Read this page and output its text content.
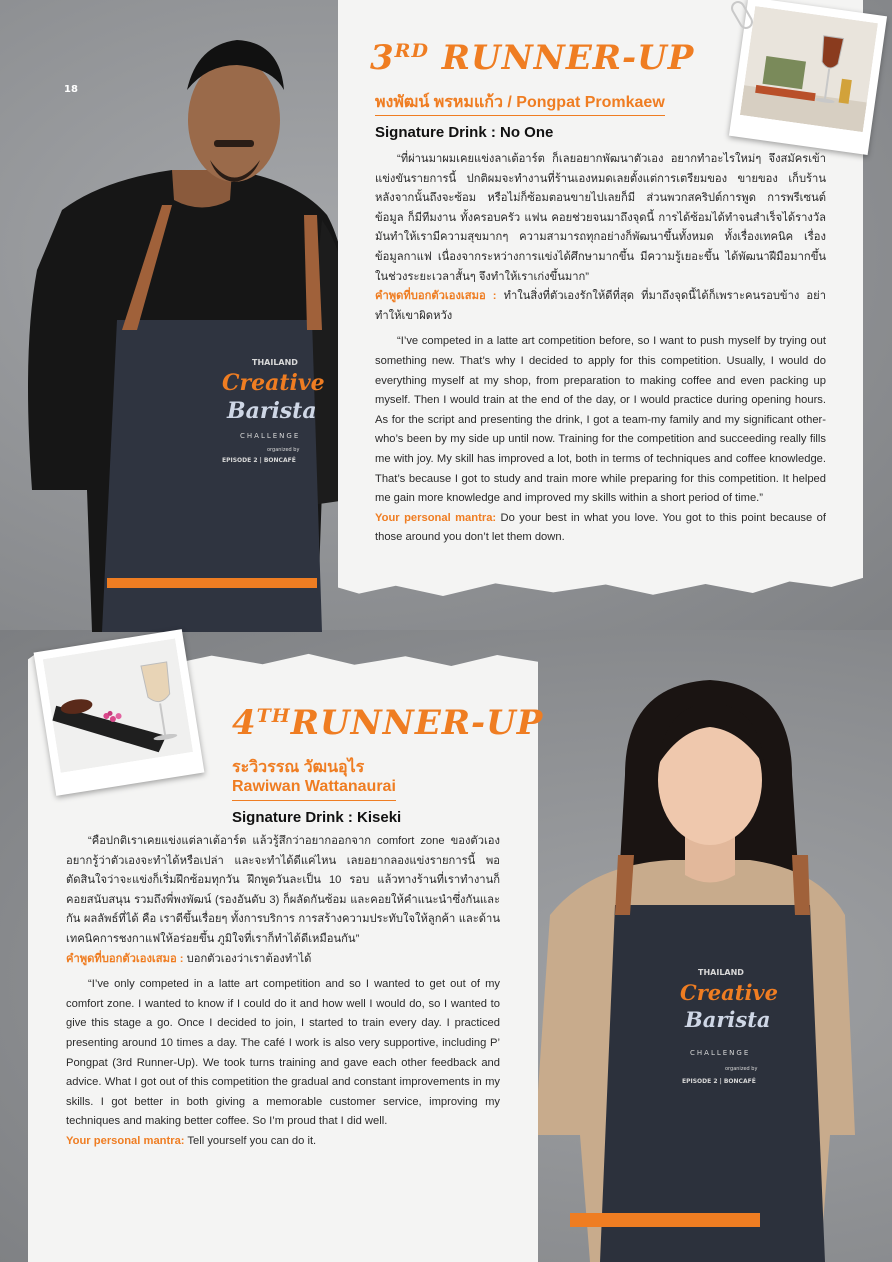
18
THAILAND
Creative
Barista
CHALLENGE
organized by
EPISODE 2 | BONCAFÉ
3RD RUNNER-UP
พงพัฒน์ พรหมแก้ว / Pongpat Promkaew
Signature Drink : No One

“ที่ผ่านมาผมเคยแข่งลาเต้อาร์ต ก็เลยอยากพัฒนาตัวเอง อยากทำอะไรใหม่ๆ จึงสมัครเข้าแข่งขันรายการนี้ ปกติผมจะทำงานที่ร้านเองหมดเลยตั้งแต่การเตรียมของ ขายของ เก็บร้าน หลังจากนั้นถึงจะซ้อม หรือไม่ก็ซ้อมตอนขายไปเลยก็มี ส่วนพวกสคริปต์การพูด การพรีเซนต์ข้อมูล ก็มีทีมงาน ทั้งครอบครัว แฟน คอยช่วยจนมาถึงจุดนี้ การได้ซ้อมได้ทำจนสำเร็จได้รางวัล มันทำให้เรามีความสุขมากๆ ความสามารถทุกอย่างก็พัฒนาขึ้นทั้งหมด ทั้งเรื่องเทคนิค เรื่องข้อมูลกาแฟ เนื่องจากระหว่างการแข่งได้ศึกษามากขึ้น มีความรู้เยอะขึ้น ได้พัฒนาฝีมือมากขึ้น ในช่วงระยะเวลาสั้นๆ จึงทำให้เราเก่งขึ้นมาก”

คำพูดที่บอกตัวเองเสมอ : ทำในสิ่งที่ตัวเองรักให้ดีที่สุด ที่มาถึงจุดนี้ได้ก็เพราะคนรอบข้าง อย่าทำให้เขาผิดหวัง

“I’ve competed in a latte art competition before, so I want to push myself by trying out something new. That’s why I decided to apply for this competition. Usually, I would do everything myself at my shop, from preparation to making coffee and even packing up myself. Then I would train at the end of the day, or I would practice during opening hours. As for the script and presenting the drink, I got a team-my family and my significant other-who’s been by my side up until now. Training for the competition and succeeding really fills me with joy. My skill has improved a lot, both in terms of techniques and coffee knowledge. That’s because I got to study and train more while preparing for this competition. It helped me gain more knowledge and improved my skills within a short period of time.”

Your personal mantra: Do your best in what you love. You got to this point because of those around you don’t let them down.

THAILAND
Creative
Barista
CHALLENGE
organized by
EPISODE 2 | BONCAFÉ
4THRUNNER-UP
ระวิวรรณ วัฒนอุไร
Rawiwan Wattanaurai
Signature Drink : Kiseki

“คือปกติเราเคยแข่งแต่ลาเต้อาร์ต แล้วรู้สึกว่าอยากออกจาก comfort zone ของตัวเอง อยากรู้ว่าตัวเองจะทำได้หรือเปล่า และจะทำได้ดีแค่ไหน เลยอยากลองแข่งรายการนี้ พอตัดสินใจว่าจะแข่งก็เริ่มฝึกซ้อมทุกวัน ฝึกพูดวันละเป็น 10 รอบ แล้วทางร้านที่เราทำงานก็คอยสนับสนุน รวมถึงพี่พงพัฒน์ (รองอันดับ 3) ก็ผลัดกันซ้อม และคอยให้คำแนะนำซึ่งกันและกัน ผลลัพธ์ที่ได้ คือ เราดีขึ้นเรื่อยๆ ทั้งการบริการ การสร้างความประทับใจให้ลูกค้า และด้านเทคนิคการชงกาแฟให้อร่อยขึ้น ภูมิใจที่เราก็ทำได้ดีเหมือนกัน”

คำพูดที่บอกตัวเองเสมอ : บอกตัวเองว่าเราต้องทำได้

“I’ve only competed in a latte art competition and so I wanted to get out of my comfort zone. I wanted to know if I could do it and how well I would do, so I wanted to give this stage a go. Once I decided to join, I started to train every day. I practiced presenting around 10 times a day. The café I work is also very supportive, including P’ Pongpat (3rd Runner-Up). We took turns training and gave each other feedback and advice. What I got out of this competition the gradual and constant improvements in my skills. I got better in both giving a memorable customer service, improving my techniques and making better coffee. So I’m proud that I did well.

Your personal mantra: Tell yourself you can do it.
